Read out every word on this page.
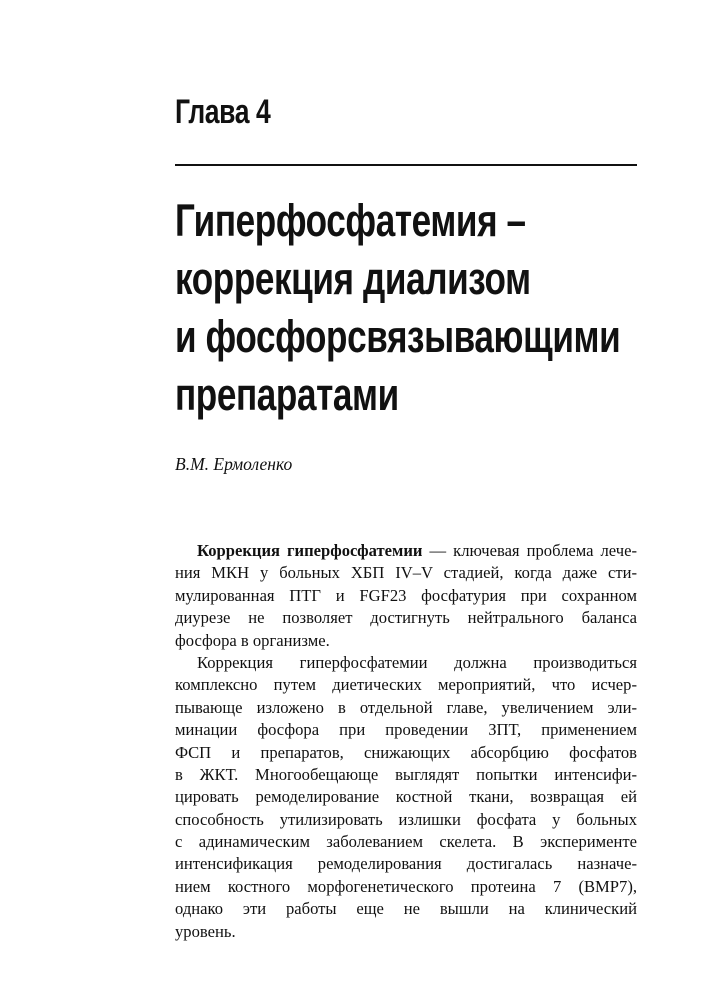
Глава 4
Гиперфосфатемия –
коррекция диализом
и фосфорсвязывающими
препаратами

В.М. Ермоленко

Коррекция гиперфосфатемии — ключевая проблема лече-
ния МКН у больных ХБП IV–V стадией, когда даже сти-
мулированная ПТГ и FGF23 фосфатурия при сохранном
диурезе не позволяет достигнуть нейтрального баланса
фосфора в организме.
Коррекция гиперфосфатемии должна производиться
комплексно путем диетических мероприятий, что исчер-
пывающе изложено в отдельной главе, увеличением эли-
минации фосфора при проведении ЗПТ, применением
ФСП и препаратов, снижающих абсорбцию фосфатов
в ЖКТ. Многообещающе выглядят попытки интенсифи-
цировать ремоделирование костной ткани, возвращая ей
способность утилизировать излишки фосфата у больных
с адинамическим заболеванием скелета. В эксперименте
интенсификация ремоделирования достигалась назначе-
нием костного морфогенетического протеина 7 (BMP7),
однако эти работы еще не вышли на клинический
уровень.
